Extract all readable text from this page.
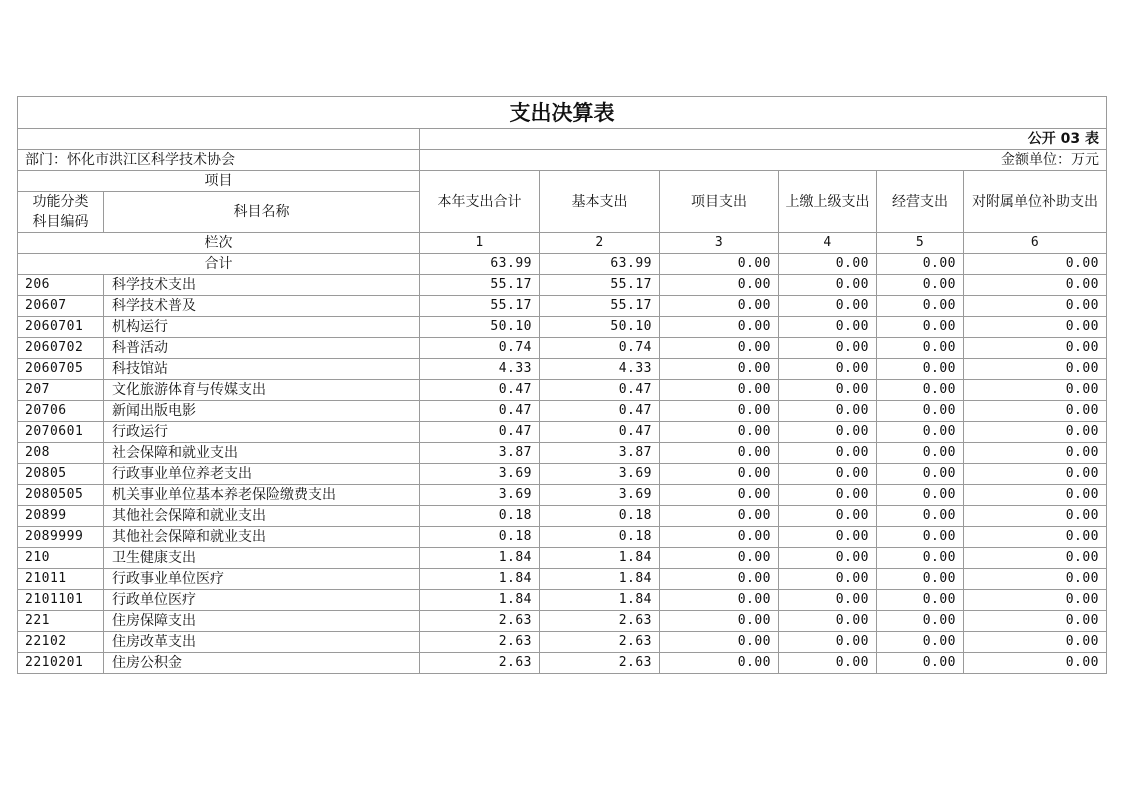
支出决算表							
		公开 03 表					
部门：怀化市洪江区科学技术协会		金额单位：万元					
项目		本年支出合计	基本支出	项目支出	上缴上级支出	经营支出	对附属单位补助支出
功能分类
科目编码	科目名称						
栏次		1	2	3	4	5	6
合计		63.99	63.99	0.00	0.00	0.00	0.00
206	科学技术支出	55.17	55.17	0.00	0.00	0.00	0.00
20607	科学技术普及	55.17	55.17	0.00	0.00	0.00	0.00
2060701	机构运行	50.10	50.10	0.00	0.00	0.00	0.00
2060702	科普活动	0.74	0.74	0.00	0.00	0.00	0.00
2060705	科技馆站	4.33	4.33	0.00	0.00	0.00	0.00
207	文化旅游体育与传媒支出	0.47	0.47	0.00	0.00	0.00	0.00
20706	新闻出版电影	0.47	0.47	0.00	0.00	0.00	0.00
2070601	行政运行	0.47	0.47	0.00	0.00	0.00	0.00
208	社会保障和就业支出	3.87	3.87	0.00	0.00	0.00	0.00
20805	行政事业单位养老支出	3.69	3.69	0.00	0.00	0.00	0.00
2080505	机关事业单位基本养老保险缴费支出	3.69	3.69	0.00	0.00	0.00	0.00
20899	其他社会保障和就业支出	0.18	0.18	0.00	0.00	0.00	0.00
2089999	其他社会保障和就业支出	0.18	0.18	0.00	0.00	0.00	0.00
210	卫生健康支出	1.84	1.84	0.00	0.00	0.00	0.00
21011	行政事业单位医疗	1.84	1.84	0.00	0.00	0.00	0.00
2101101	行政单位医疗	1.84	1.84	0.00	0.00	0.00	0.00
221	住房保障支出	2.63	2.63	0.00	0.00	0.00	0.00
22102	住房改革支出	2.63	2.63	0.00	0.00	0.00	0.00
2210201	住房公积金	2.63	2.63	0.00	0.00	0.00	0.00
